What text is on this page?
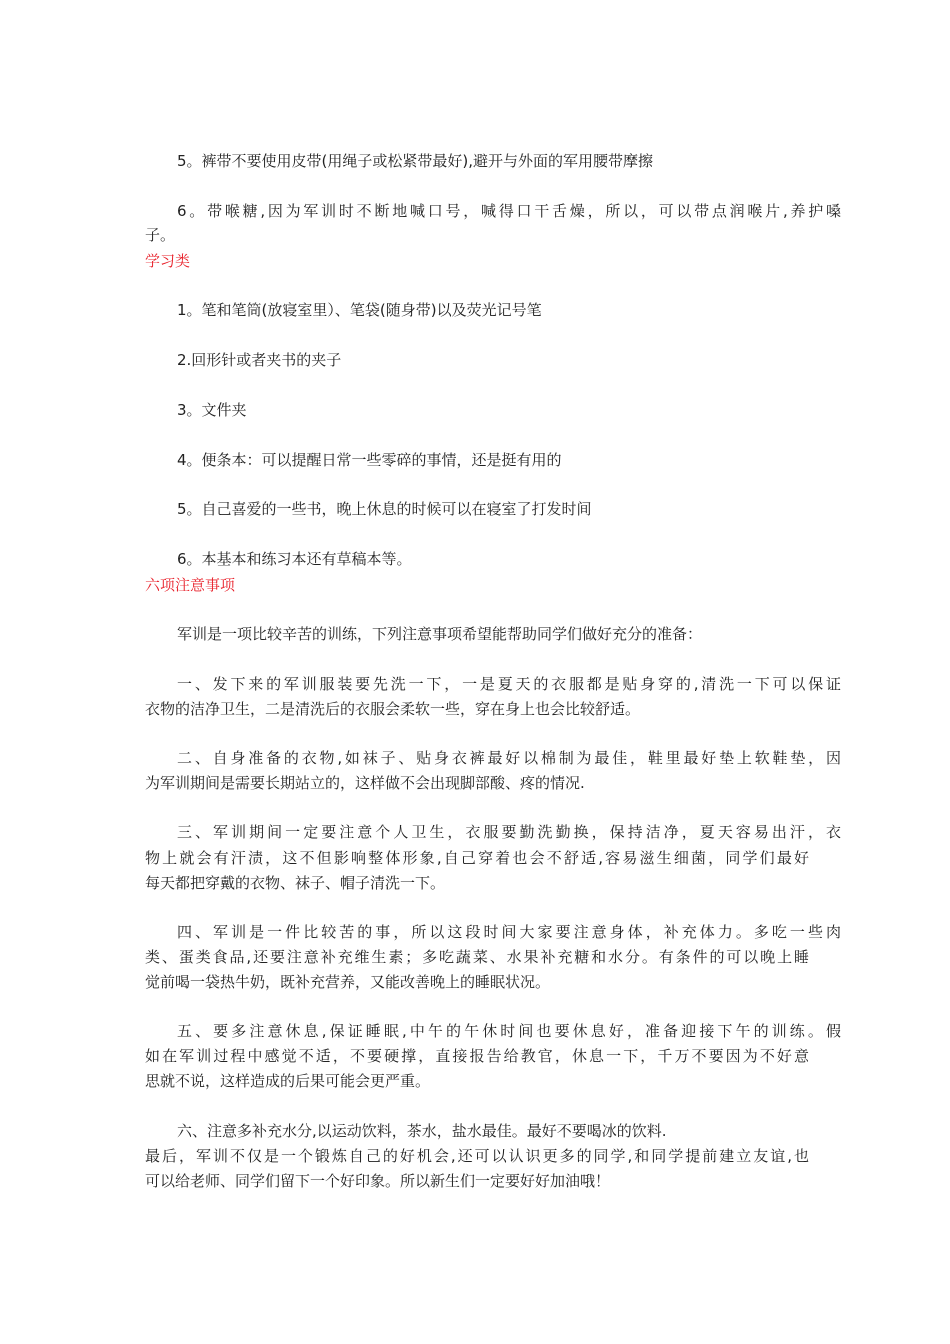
5。裤带不要使用皮带(用绳子或松紧带最好),避开与外面的军用腰带摩擦
6。带喉糖,因为军训时不断地喊口号，喊得口干舌燥，所以，可以带点润喉片,养护嗓
子。
学习类
1。笔和笔筒(放寝室里）、笔袋(随身带)以及荧光记号笔
2.回形针或者夹书的夹子
3。文件夹
4。便条本：可以提醒日常一些零碎的事情，还是挺有用的
5。自己喜爱的一些书，晚上休息的时候可以在寝室了打发时间
6。本基本和练习本还有草稿本等。
六项注意事项
军训是一项比较辛苦的训练，下列注意事项希望能帮助同学们做好充分的准备：
一、发下来的军训服装要先洗一下，一是夏天的衣服都是贴身穿的,清洗一下可以保证
衣物的洁净卫生，二是清洗后的衣服会柔软一些，穿在身上也会比较舒适。
二、自身准备的衣物,如袜子、贴身衣裤最好以棉制为最佳，鞋里最好垫上软鞋垫，因
为军训期间是需要长期站立的，这样做不会出现脚部酸、疼的情况.
三、军训期间一定要注意个人卫生，衣服要勤洗勤换，保持洁净，夏天容易出汗，衣
物上就会有汗渍，这不但影响整体形象,自己穿着也会不舒适,容易滋生细菌，同学们最好
每天都把穿戴的衣物、袜子、帽子清洗一下。
四、军训是一件比较苦的事，所以这段时间大家要注意身体，补充体力。多吃一些肉
类、蛋类食品,还要注意补充维生素；多吃蔬菜、水果补充糖和水分。有条件的可以晚上睡
觉前喝一袋热牛奶，既补充营养，又能改善晚上的睡眠状况。
五、要多注意休息,保证睡眠,中午的午休时间也要休息好，准备迎接下午的训练。假
如在军训过程中感觉不适，不要硬撑，直接报告给教官，休息一下，千万不要因为不好意
思就不说，这样造成的后果可能会更严重。
六、注意多补充水分,以运动饮料，茶水，盐水最佳。最好不要喝冰的饮料.
最后，军训不仅是一个锻炼自己的好机会,还可以认识更多的同学,和同学提前建立友谊,也
可以给老师、同学们留下一个好印象。所以新生们一定要好好加油哦！
